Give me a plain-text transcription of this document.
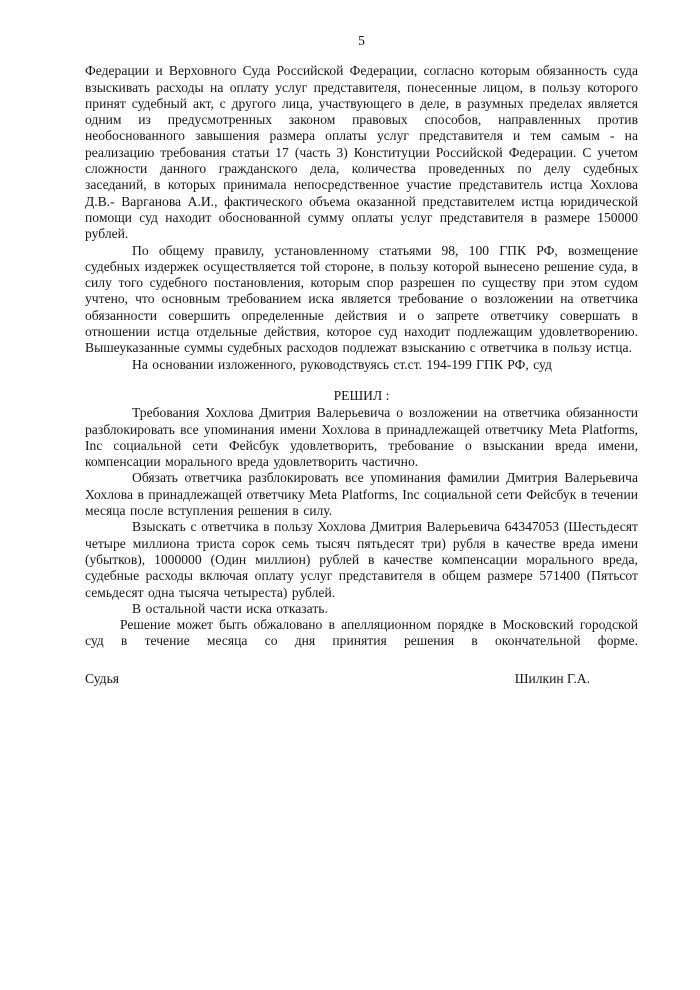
5

Федерации и Верховного Суда Российской Федерации, согласно которым обязанность суда взыскивать расходы на оплату услуг представителя, понесенные лицом, в пользу которого принят судебный акт, с другого лица, участвующего в деле, в разумных пределах является одним из предусмотренных законом правовых способов, направленных против необоснованного завышения размера оплаты услуг представителя и тем самым - на реализацию требования статьи 17 (часть 3) Конституции Российской Федерации. С учетом сложности данного гражданского дела, количества проведенных по делу судебных заседаний, в которых принимала непосредственное участие представитель истца Хохлова Д.В.- Варганова А.И., фактического объема оказанной представителем истца юридической помощи суд находит обоснованной сумму оплаты услуг представителя в размере 150000 рублей.

По общему правилу, установленному статьями 98, 100 ГПК РФ, возмещение судебных издержек осуществляется той стороне, в пользу которой вынесено решение суда, в силу того судебного постановления, которым спор разрешен по существу при этом судом учтено, что основным требованием иска является требование о возложении на ответчика обязанности совершить определенные действия и о запрете ответчику совершать в отношении истца отдельные действия, которое суд находит подлежащим удовлетворению. Вышеуказанные суммы судебных расходов подлежат взысканию с ответчика в пользу истца.

На основании изложенного, руководствуясь ст.ст. 194-199 ГПК РФ, суд

РЕШИЛ :

Требования Хохлова Дмитрия Валерьевича о возложении на ответчика обязанности разблокировать все упоминания имени Хохлова в принадлежащей ответчику Meta Platforms, Inc социальной сети Фейсбук удовлетворить, требование о взыскании вреда имени, компенсации морального вреда удовлетворить частично.

Обязать ответчика разблокировать все упоминания фамилии Дмитрия Валерьевича Хохлова в принадлежащей ответчику Meta Platforms, Inc социальной сети Фейсбук в течении месяца после вступления решения в силу.

Взыскать с ответчика в пользу Хохлова Дмитрия Валерьевича 64347053 (Шестьдесят четыре миллиона триста сорок семь тысяч пятьдесят три) рубля в качестве вреда имени (убытков), 1000000 (Один миллион) рублей в качестве компенсации морального вреда, судебные расходы включая оплату услуг представителя в общем размере 571400 (Пятьсот семьдесят одна тысяча четыреста) рублей.

В остальной части иска отказать.

Решение может быть обжаловано в апелляционном порядке в Московский городской суд в течение месяца со дня принятия решения в окончательной форме.

Судья	Шилкин Г.А.
